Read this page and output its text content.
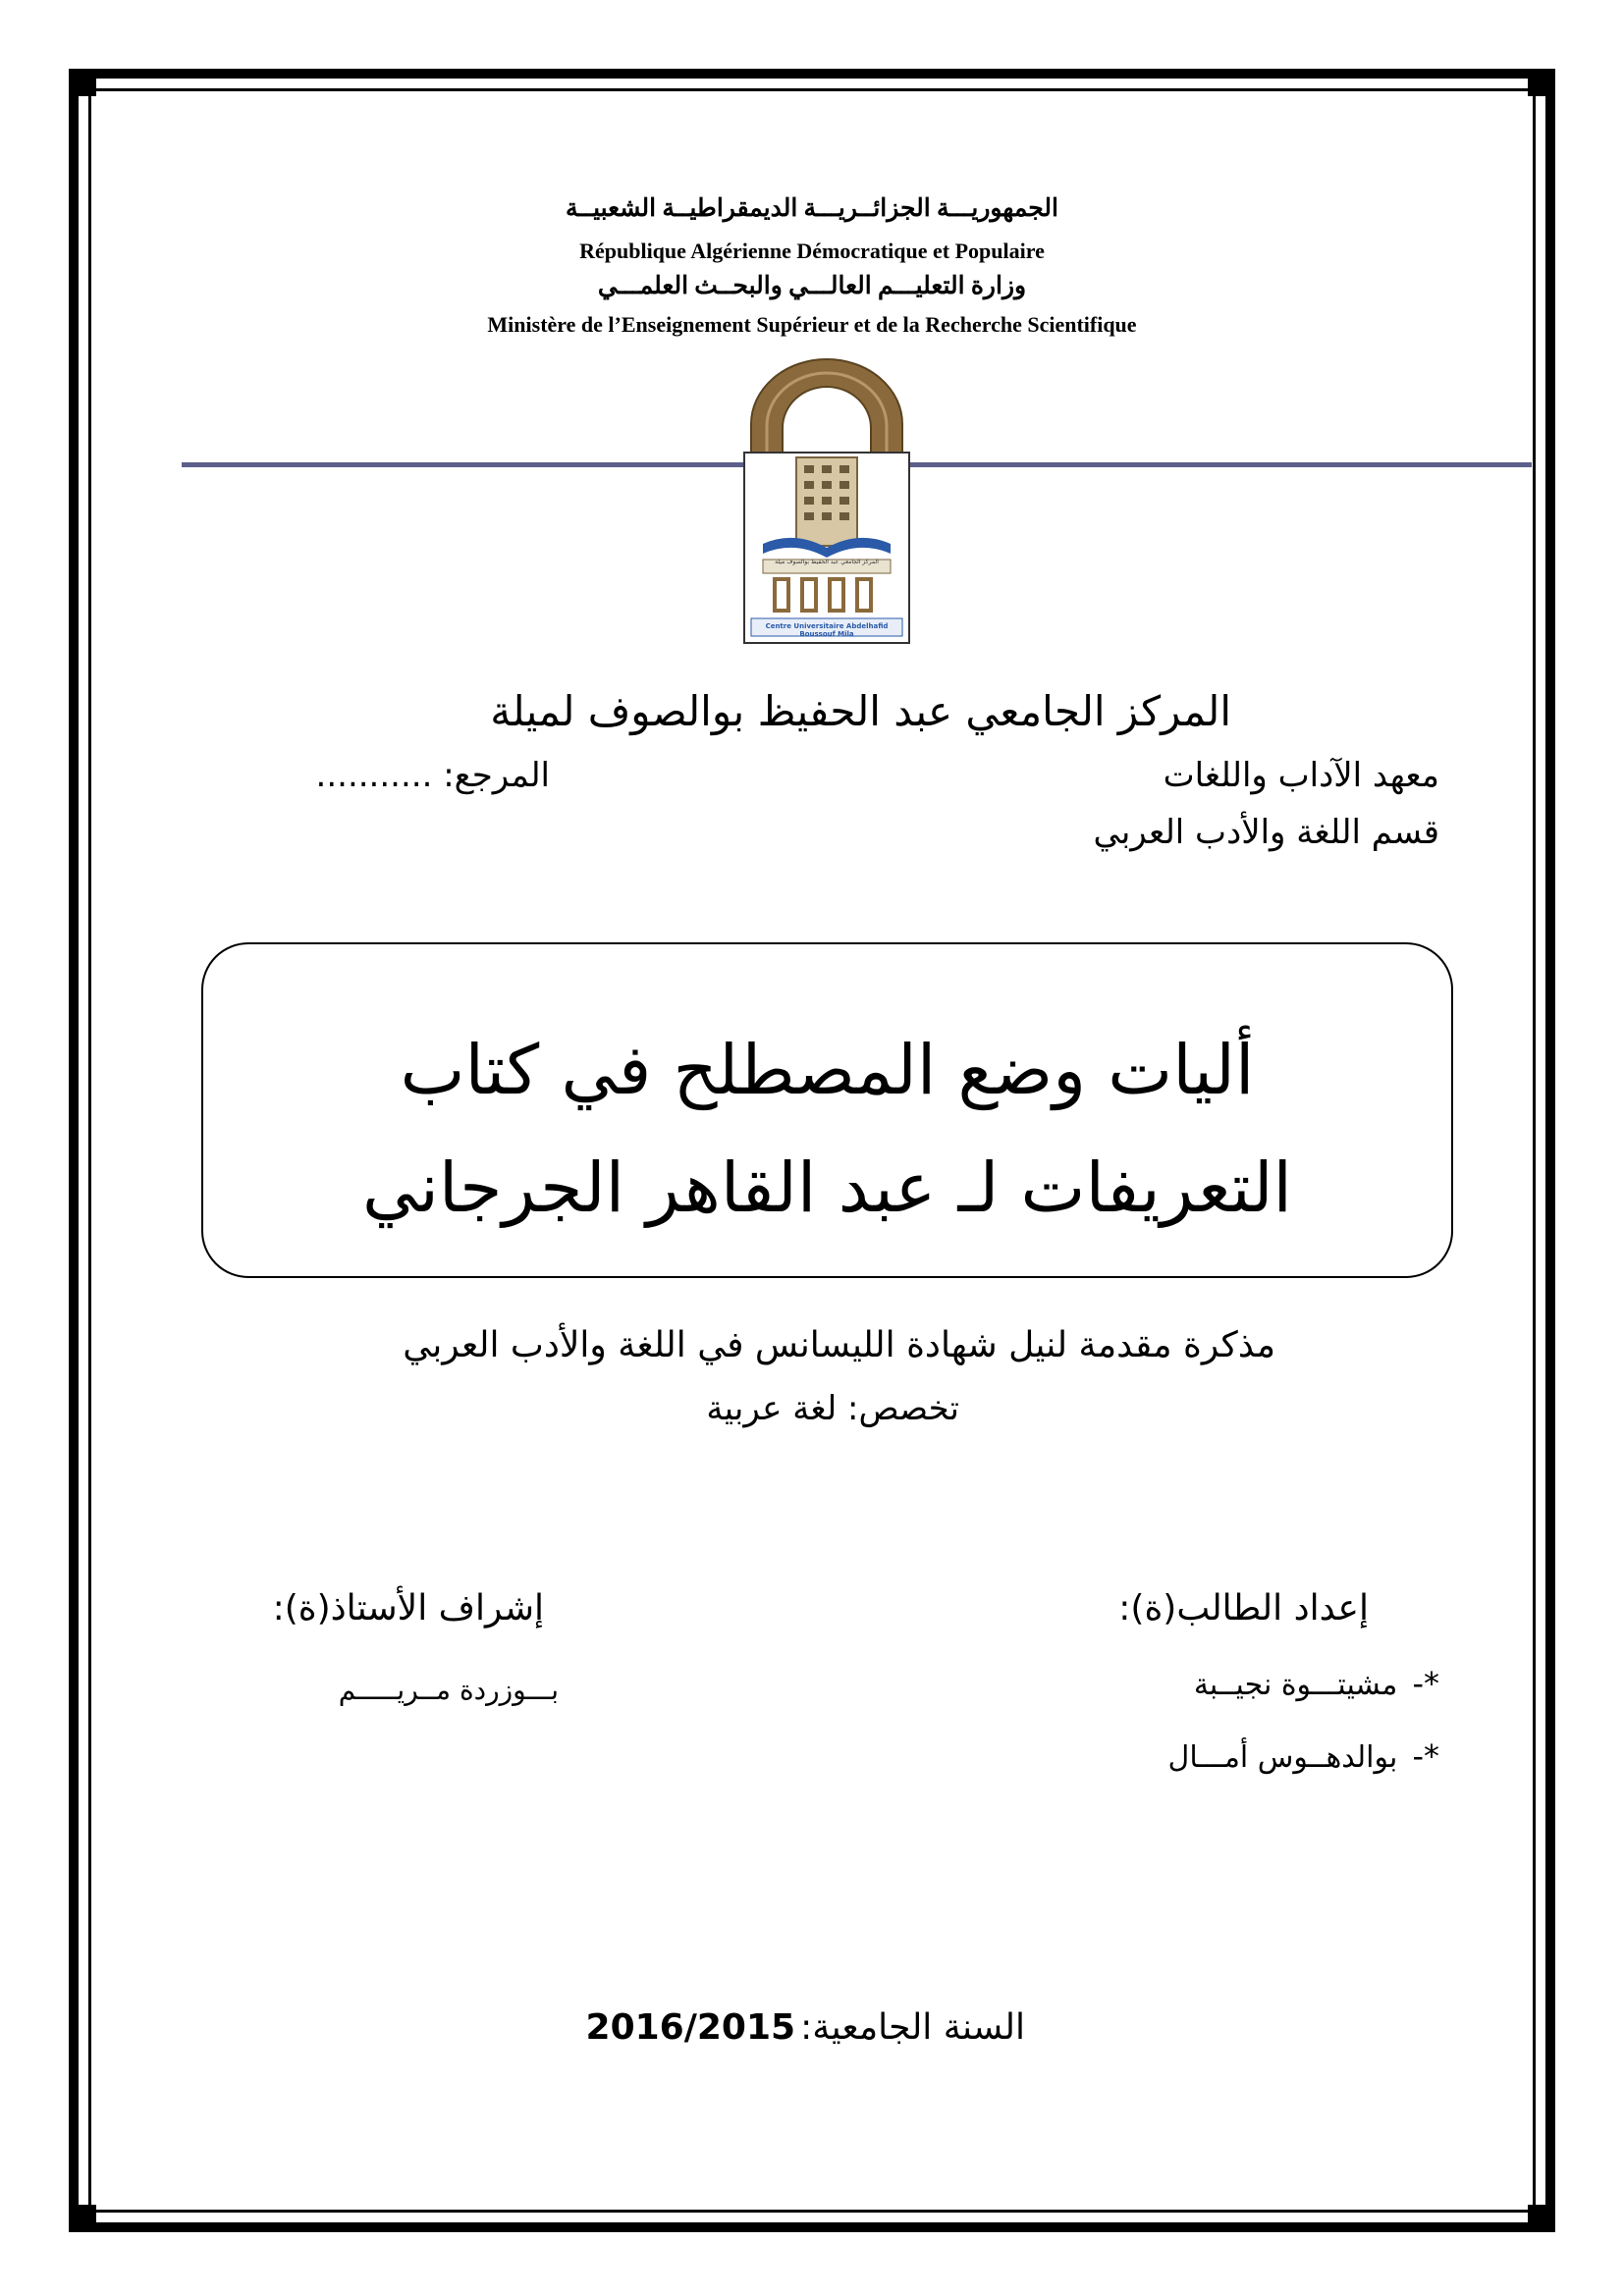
الجمهوريـــة الجزائــريـــة الديمقراطيــة الشعبيــة
République Algérienne Démocratique et Populaire
وزارة التعليـــم العالـــي والبحــث العلمـــي
Ministère de l’Enseignement Supérieur et de la Recherche Scientifique
المركز الجامعي عبد الحفيظ بوالصوف ميلة
Centre Universitaire Abdelhafid Boussouf Mila
المركز الجامعي عبد الحفيظ بوالصوف لميلة
معهد الآداب واللغات
المرجع: ...........
قسم اللغة والأدب العربي
أليات وضع المصطلح في كتاب
التعريفات لـ عبد القاهر الجرجاني
مذكرة مقدمة لنيل شهادة الليسانس في اللغة والأدب العربي
تخصص: لغة عربية
إعداد الطالب(ة):
*- مشيتـــوة نجيــبة
*- بوالدهــوس أمـــال
إشراف الأستاذ(ة):
بـــوزردة مــريـــــم
السنة الجامعية: 2016/2015
